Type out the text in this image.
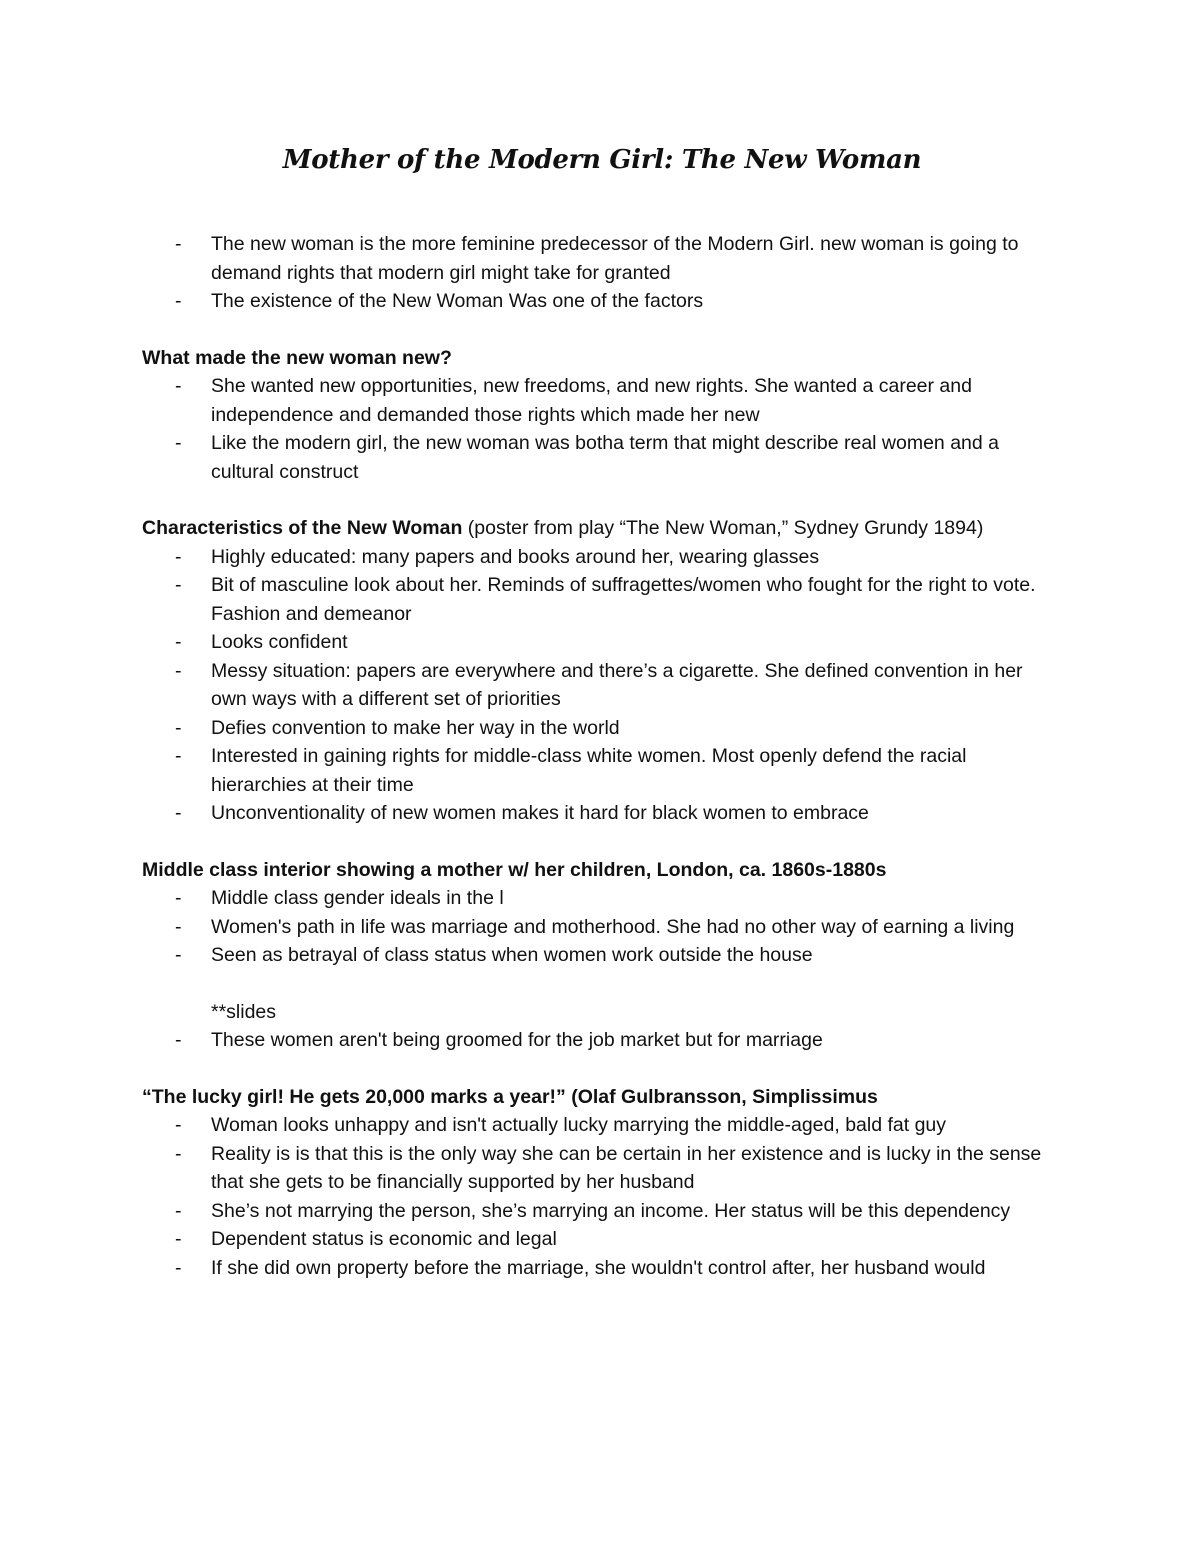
Mother of the Modern Girl: The New Woman
- The new woman is the more feminine predecessor of the Modern Girl. new woman is going to demand rights that modern girl might take for granted
- The existence of the New Woman Was one of the factors

What made the new woman new?

- She wanted new opportunities, new freedoms, and new rights. She wanted a career and independence and demanded those rights which made her new
- Like the modern girl, the new woman was botha term that might describe real women and a cultural construct

Characteristics of the New Woman (poster from play “The New Woman,” Sydney Grundy 1894)

- Highly educated: many papers and books around her, wearing glasses
- Bit of masculine look about her. Reminds of suffragettes/women who fought for the right to vote. Fashion and demeanor
- Looks confident
- Messy situation: papers are everywhere and there’s a cigarette. She defined convention in her own ways with a different set of priorities
- Defies convention to make her way in the world
- Interested in gaining rights for middle-class white women. Most openly defend the racial hierarchies at their time
- Unconventionality of new women makes it hard for black women to embrace

Middle class interior showing a mother w/ her children, London, ca. 1860s-1880s

- Middle class gender ideals in the l
- Women's path in life was marriage and motherhood. She had no other way of earning a living
- Seen as betrayal of class status when women work outside the house
**slides
- These women aren't being groomed for the job market but for marriage

“The lucky girl! He gets 20,000 marks a year!” (Olaf Gulbransson, Simplissimus

- Woman looks unhappy and isn't actually lucky marrying the middle-aged, bald fat guy
- Reality is is that this is the only way she can be certain in her existence and is lucky in the sense that she gets to be financially supported by her husband
- She’s not marrying the person, she’s marrying an income. Her status will be this dependency
- Dependent status is economic and legal
- If she did own property before the marriage, she wouldn't control after, her husband would
